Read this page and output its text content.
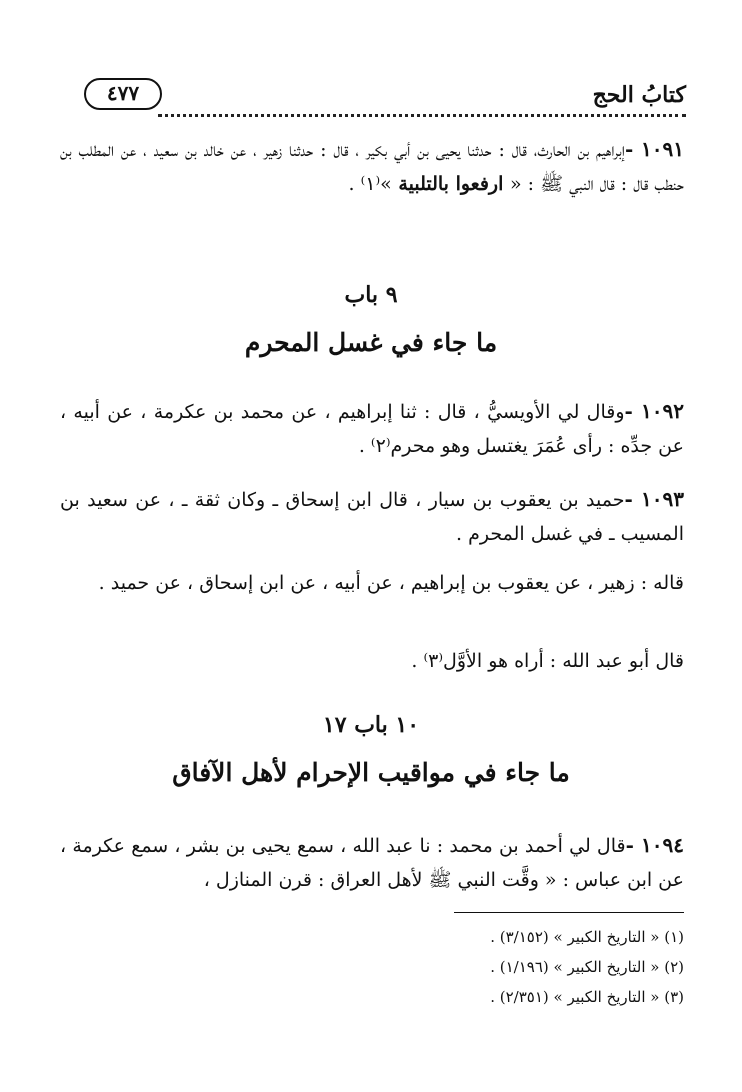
كتابُ الحج
٤٧٧
١٠٩١ -إبراهيم بن الحارث، قال : حدثنا يحيى بن أبي بكير ، قال : حدثنا زهير ، عن خالد بن سعيد ، عن المطلب بن حنطب قال : قال النبي ﷺ : « ارفعوا بالتلبية »⁽١⁾ .
٩ باب
ما جاء في غسل المحرم
١٠٩٢ -وقال لي الأويسيُّ ، قال : ثنا إبراهيم ، عن محمد بن عكرمة ، عن أبيه ، عن جدِّه : رأى عُمَرَ يغتسل وهو محرم⁽٢⁾ .
١٠٩٣ -حميد بن يعقوب بن سيار ، قال ابن إسحاق ـ وكان ثقة ـ ، عن سعيد بن المسيب ـ في غسل المحرم .
قاله : زهير ، عن يعقوب بن إبراهيم ، عن أبيه ، عن ابن إسحاق ، عن حميد .
قال أبو عبد الله : أراه هو الأوَّل⁽٣⁾ .
١٠ باب ١٧
ما جاء في مواقيب الإحرام لأهل الآفاق
١٠٩٤ -قال لي أحمد بن محمد : نا عبد الله ، سمع يحيى بن بشر ، سمع عكرمة ، عن ابن عباس : « وقَّت النبي ﷺ لأهل العراق : قرن المنازل ،
(١) « التاريخ الكبير » (٣/١٥٢) .
(٢) « التاريخ الكبير » (١/١٩٦) .
(٣) « التاريخ الكبير » (٢/٣٥١) .
